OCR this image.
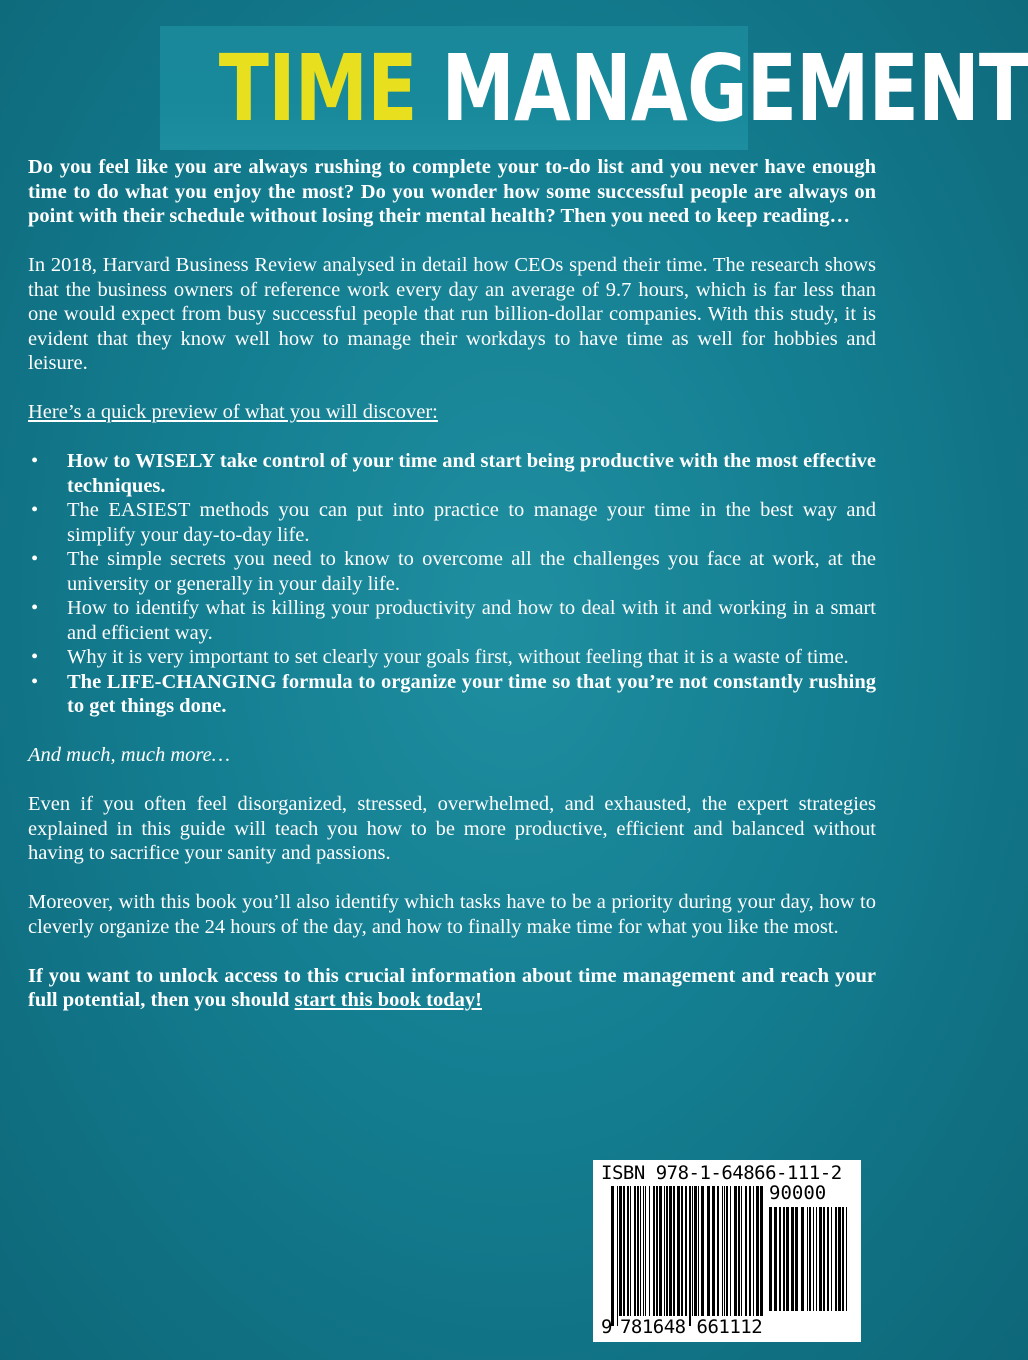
TIME MANAGEMENT

Do you feel like you are always rushing to complete your to-do list and you never have enough time to do what you enjoy the most? Do you wonder how some successful people are always on point with their schedule without losing their mental health? Then you need to keep reading…

In 2018, Harvard Business Review analysed in detail how CEOs spend their time. The research shows that the business owners of reference work every day an average of 9.7 hours, which is far less than one would expect from busy successful people that run billion-dollar companies. With this study, it is evident that they know well how to manage their workdays to have time as well for hobbies and leisure.

Here’s a quick preview of what you will discover:

• How to WISELY take control of your time and start being productive with the most effective techniques.
• The EASIEST methods you can put into practice to manage your time in the best way and simplify your day-to-day life.
• The simple secrets you need to know to overcome all the challenges you face at work, at the university or generally in your daily life.
• How to identify what is killing your productivity and how to deal with it and working in a smart and efficient way.
• Why it is very important to set clearly your goals first, without feeling that it is a waste of time.
• The LIFE-CHANGING formula to organize your time so that you’re not constantly rushing to get things done.

And much, much more…

Even if you often feel disorganized, stressed, overwhelmed, and exhausted, the expert strategies explained in this guide will teach you how to be more productive, efficient and balanced without having to sacrifice your sanity and passions.

Moreover, with this book you’ll also identify which tasks have to be a priority during your day, how to cleverly organize the 24 hours of the day, and how to finally make time for what you like the most.

If you want to unlock access to this crucial information about time management and reach your full potential, then you should start this book today!

ISBN 978-1-64866-111-2
90000
9 781648 661112
